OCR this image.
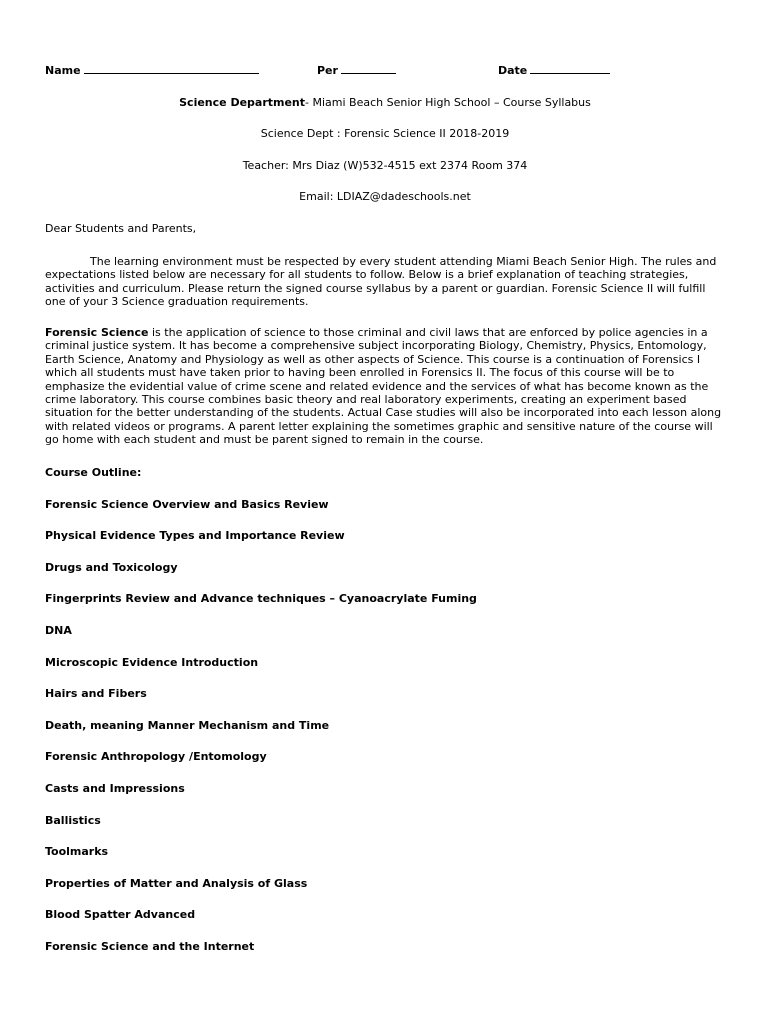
Name	Per	Date
Science Department- Miami Beach Senior High School – Course Syllabus
Science Dept : Forensic Science II 2018-2019
Teacher: Mrs Diaz (W)532-4515 ext 2374 Room 374
Email: LDIAZ@dadeschools.net
Dear Students and Parents,
The learning environment must be respected by every student attending Miami Beach Senior High. The rules and expectations listed below are necessary for all students to follow. Below is a brief explanation of teaching strategies, activities and curriculum. Please return the signed course syllabus by a parent or guardian. Forensic Science II will fulfill one of your 3 Science graduation requirements.
Forensic Science is the application of science to those criminal and civil laws that are enforced by police agencies in a criminal justice system. It has become a comprehensive subject incorporating Biology, Chemistry, Physics, Entomology, Earth Science, Anatomy and Physiology as well as other aspects of Science. This course is a continuation of Forensics I which all students must have taken prior to having been enrolled in Forensics II. The focus of this course will be to emphasize the evidential value of crime scene and related evidence and the services of what has become known as the crime laboratory. This course combines basic theory and real laboratory experiments, creating an experiment based situation for the better understanding of the students. Actual Case studies will also be incorporated into each lesson along with related videos or programs. A parent letter explaining the sometimes graphic and sensitive nature of the course will go home with each student and must be parent signed to remain in the course.
Course Outline:
Forensic Science Overview and Basics Review
Physical Evidence Types and Importance Review
Drugs and Toxicology
Fingerprints Review and Advance techniques – Cyanoacrylate Fuming
DNA
Microscopic Evidence Introduction
Hairs and Fibers
Death, meaning Manner Mechanism and Time
Forensic Anthropology /Entomology
Casts and Impressions
Ballistics
Toolmarks
Properties of Matter and Analysis of Glass
Blood Spatter Advanced
Forensic Science and the Internet
